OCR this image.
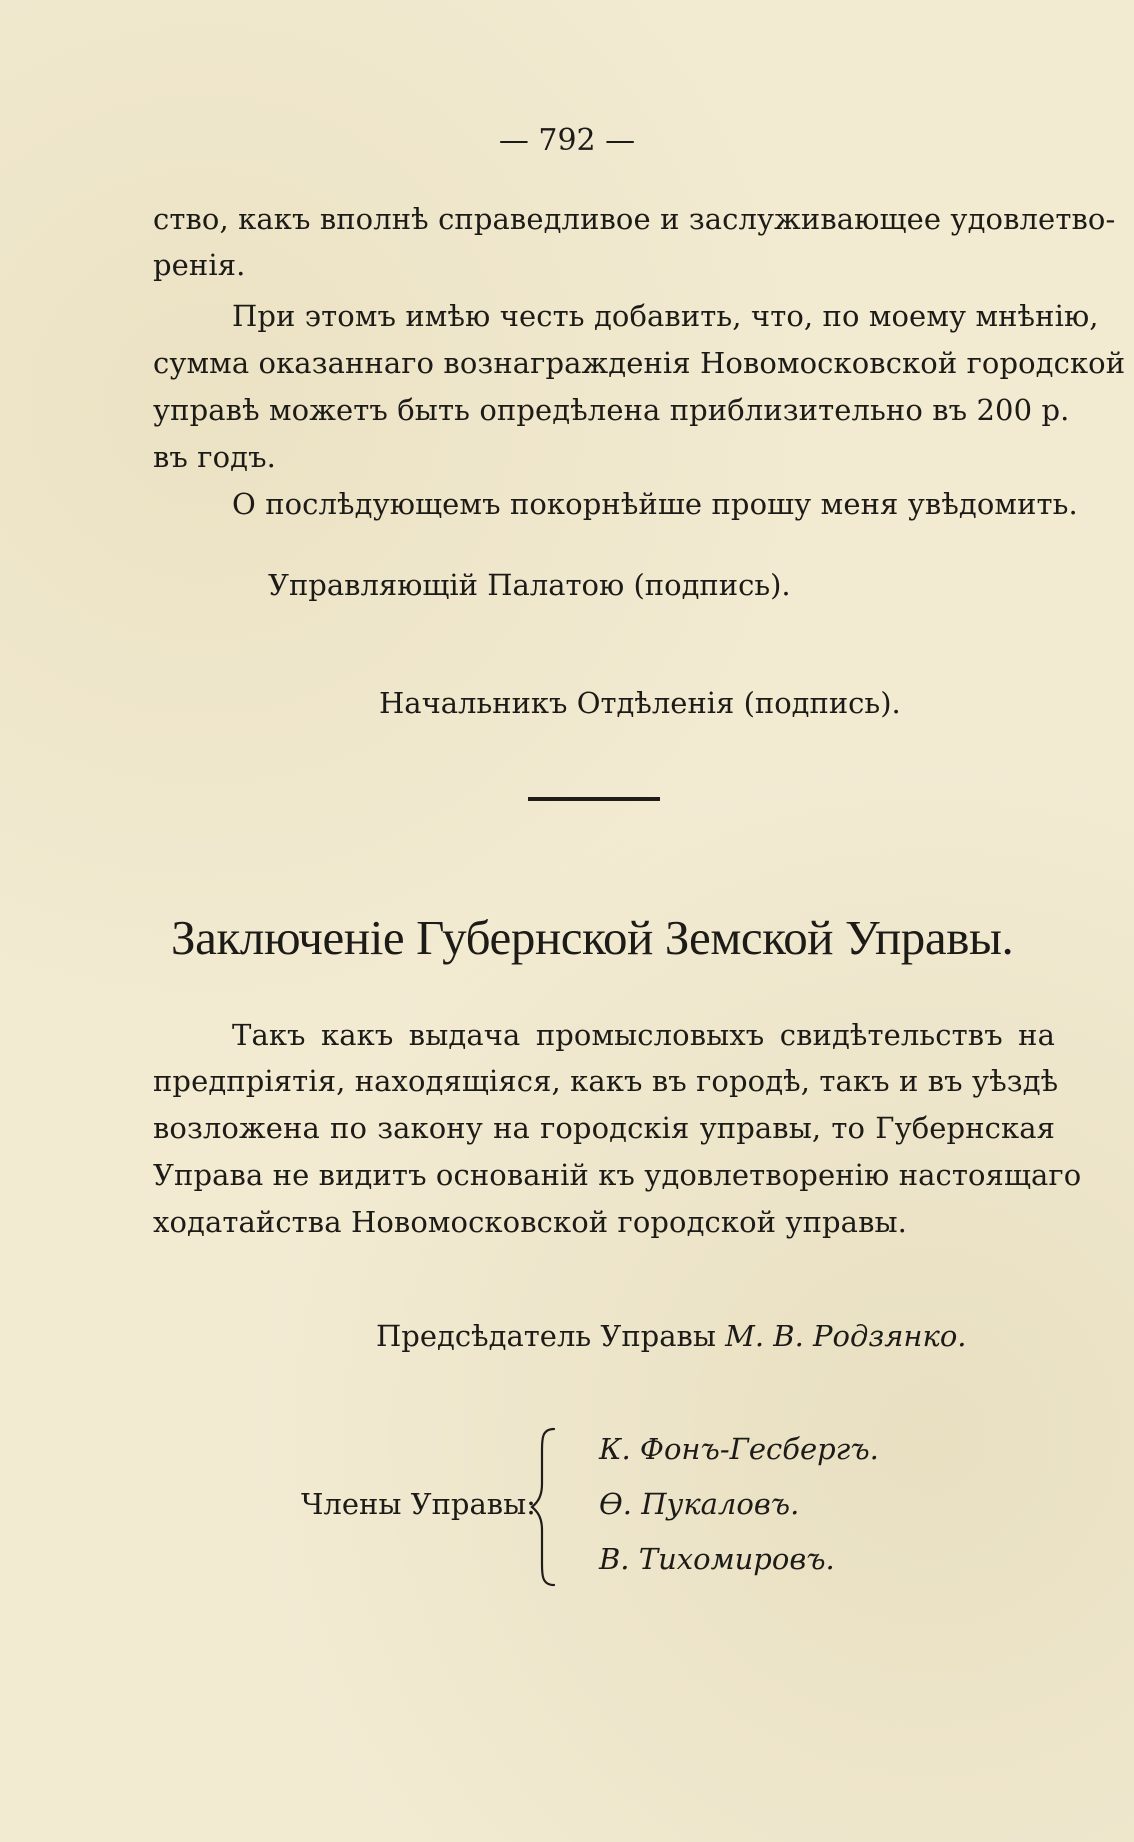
— 792 —
ство, какъ вполнѣ справедливое и заслуживающее удовлетво-
ренія.
При этомъ имѣю честь добавить, что, по моему мнѣнію,
сумма оказаннаго вознагражденія Новомосковской городской
управѣ можетъ быть опредѣлена приблизительно въ 200 р.
въ годъ.
О послѣдующемъ покорнѣйше прошу меня увѣдомить.
Управляющій Палатою (подпись).
Начальникъ Отдѣленія (подпись).
Заключеніе Губернской Земской Управы.
Такъ какъ выдача промысловыхъ свидѣтельствъ на
предпріятія, находящіяся, какъ въ городѣ, такъ и въ уѣздѣ
возложена по закону на городскія управы, то Губернская
Управа не видитъ основаній къ удовлетворенію настоящаго
ходатайства Новомосковской городской управы.
Предсѣдатель Управы М. В. Родзянко.
Члены Управы:
К. Фонъ-Гесбергъ.
Ѳ. Пукаловъ.
В. Тихомировъ.
